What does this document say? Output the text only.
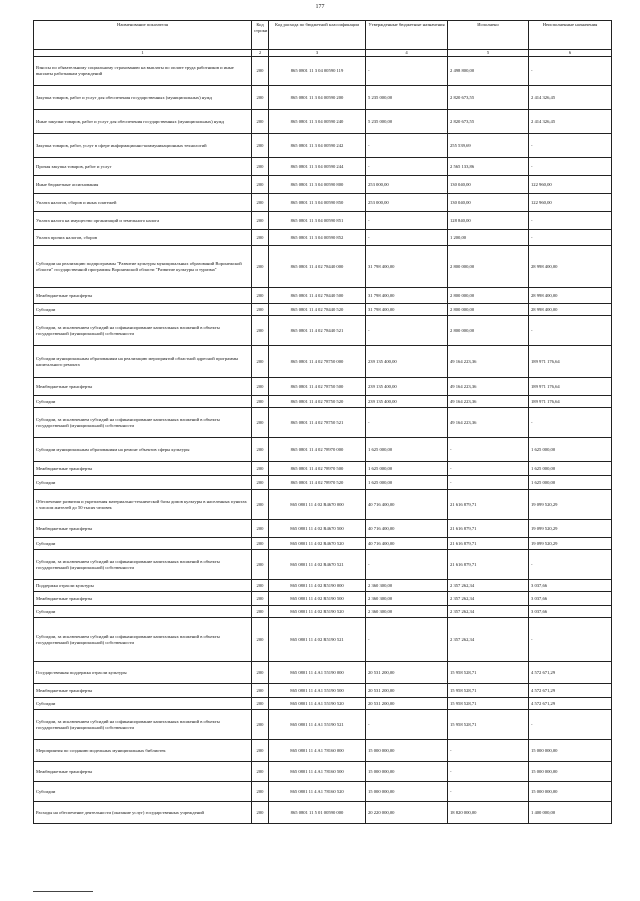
177
Наименование показателя	Код строки	Код расхода по бюджетной классификации	Утвержденные бюджетные назначения	Исполнено	Неисполненные назначения
1	2	3	4	5	6
Взносы по обязательному социальному страхованию на выплаты по оплате труда работников и иные выплаты работникам учреждений	200	865 0801 11 3 04 00590 119	-	2 498 800,00	-
Закупка товаров, работ и услуг для обеспечения государственных (муниципальных) нужд	200	865 0801 11 3 04 00590 200	5 235 000,00	2 820 673,55	2 414 326,45
Иные закупки товаров, работ и услуг для обеспечения государственных (муниципальных) нужд	200	865 0801 11 3 04 00590 240	5 235 000,00	2 820 673,55	2 414 326,45
Закупка товаров, работ, услуг в сфере информационно-коммуникационных технологий	200	865 0801 11 3 04 00590 242	-	255 539,69	-
Прочая закупка товаров, работ и услуг	200	865 0801 11 3 04 00590 244	-	2 565 133,86	-
Иные бюджетные ассигнования	200	865 0801 11 3 04 00590 800	253 000,00	130 040,00	122 960,00
Уплата налогов, сборов и иных платежей	200	865 0801 11 3 04 00590 850	253 000,00	130 040,00	122 960,00
Уплата налога на имущество организаций и земельного налога	200	865 0801 11 3 04 00590 851	-	128 840,00	-
Уплата прочих налогов, сборов	200	865 0801 11 3 04 00590 852	-	1 200,00	-
Субсидии на реализацию подпрограммы "Развитие культуры муниципальных образований Воронежской области" государственной программы Воронежской области "Развитие культуры и туризма"	200	865 0801 11 4 02 78440 000	31 798 400,00	2 800 000,00	28 998 400,00
Межбюджетные трансферты	200	865 0801 11 4 02 78440 500	31 798 400,00	2 800 000,00	28 998 400,00
Субсидии	200	865 0801 11 4 02 78440 520	31 798 400,00	2 800 000,00	28 998 400,00
Субсидии, за исключением субсидий на софинансирование капитальных вложений в объекты государственной (муниципальной) собственности	200	865 0801 11 4 02 78440 521	-	2 800 000,00	-
Субсидии муниципальным образованиям на реализацию мероприятий областной адресной программы капитального ремонта	200	865 0801 11 4 02 78750 000	239 135 400,00	49 164 223,36	189 971 176,64
Межбюджетные трансферты	200	865 0801 11 4 02 78750 500	239 135 400,00	49 164 223,36	189 971 176,64
Субсидии	200	865 0801 11 4 02 78750 520	239 135 400,00	49 164 223,36	189 971 176,64
Субсидии, за исключением субсидий на софинансирование капитальных вложений в объекты государственной (муниципальной) собственности	200	865 0801 11 4 02 78750 521	-	49 164 223,36	-
Субсидии муниципальным образованиям на ремонт объектов сферы культуры	200	865 0801 11 4 02 78970 000	1 625 000,00	-	1 625 000,00
Межбюджетные трансферты	200	865 0801 11 4 02 78970 500	1 625 000,00	-	1 625 000,00
Субсидии	200	865 0801 11 4 02 78970 520	1 625 000,00	-	1 625 000,00
Обеспечение развития и укрепления материально-технической базы домов культуры в населенных пунктах с числом жителей до 50 тысяч человек	200	865 0801 11 4 02 R4670 000	40 716 400,00	21 616 879,71	19 099 520,29
Межбюджетные трансферты	200	865 0801 11 4 02 R4670 500	40 716 400,00	21 616 879,71	19 099 520,29
Субсидии	200	865 0801 11 4 02 R4670 520	40 716 400,00	21 616 879,71	19 099 520,29
Субсидии, за исключением субсидий на софинансирование капитальных вложений в объекты государственной (муниципальной) собственности	200	865 0801 11 4 02 R4670 521	-	21 616 879,71	-
Поддержка отрасли культуры	200	865 0801 11 4 02 R5190 000	2 360 300,00	2 357 262,34	3 037,66
Межбюджетные трансферты	200	865 0801 11 4 02 R5190 500	2 360 300,00	2 357 262,34	3 037,66
Субсидии	200	865 0801 11 4 02 R5190 520	2 360 300,00	2 357 262,34	3 037,66
Субсидии, за исключением субсидий на софинансирование капитальных вложений в объекты государственной (муниципальной) собственности	200	865 0801 11 4 02 R5190 521	-	2 357 262,34	-
Государственная поддержка отрасли культуры	200	865 0801 11 4 A1 55190 000	20 531 200,00	15 958 528,71	4 572 671,29
Межбюджетные трансферты	200	865 0801 11 4 A1 55190 500	20 531 200,00	15 958 528,71	4 572 671,29
Субсидии	200	865 0801 11 4 A1 55190 520	20 531 200,00	15 958 528,71	4 572 671,29
Субсидии, за исключением субсидий на софинансирование капитальных вложений в объекты государственной (муниципальной) собственности	200	865 0801 11 4 A1 55190 521	-	15 958 528,71	-
Мероприятия по созданию модельных муниципальных библиотек	200	865 0801 11 4 A1 78160 000	15 000 000,00	-	15 000 000,00
Межбюджетные трансферты	200	865 0801 11 4 A1 78160 500	15 000 000,00	-	15 000 000,00
Субсидии	200	865 0801 11 4 A1 78160 520	15 000 000,00	-	15 000 000,00
Расходы на обеспечение деятельности (оказание услуг) государственных учреждений	200	865 0801 11 5 01 00590 000	20 220 000,00	18 820 000,00	1 400 000,00
